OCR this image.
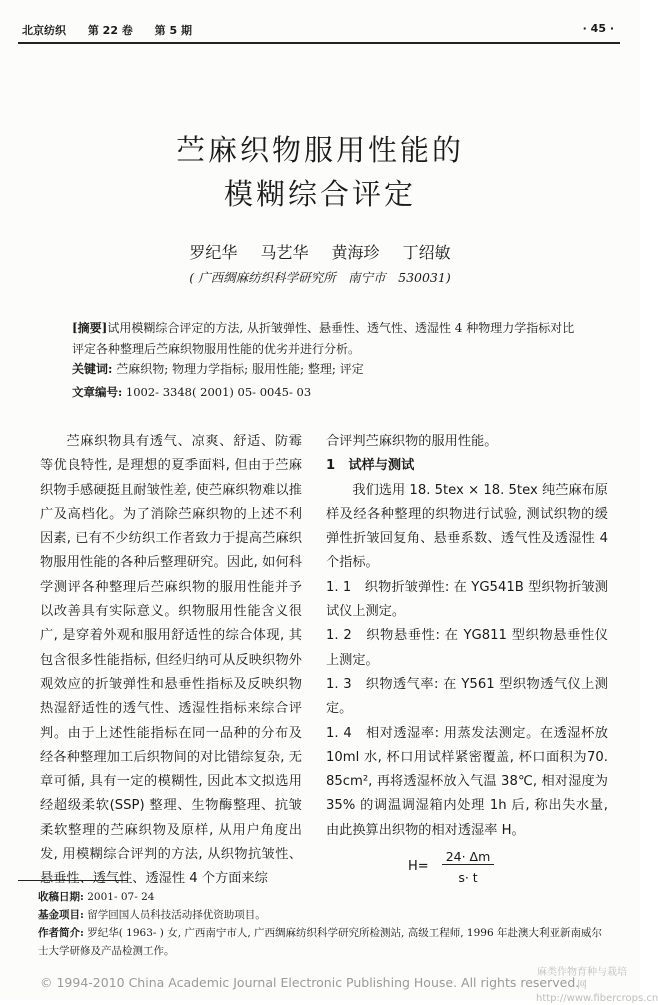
北京纺织 第 22 卷 第 5 期	· 45 ·
苎麻织物服用性能的
模糊综合评定
罗纪华 马艺华 黄海珍 丁绍敏
( 广西绸麻纺织科学研究所　南宁市　530031)
[摘要]试用模糊综合评定的方法, 从折皱弹性、悬垂性、透气性、透湿性 4 种物理力学指标对比评定各种整理后苎麻织物服用性能的优劣并进行分析。
关键词: 苎麻织物; 物理力学指标; 服用性能; 整理; 评定
文章编号: 1002- 3348( 2001) 05- 0045- 03

苎麻织物具有透气、凉爽、舒适、防霉等优良特性, 是理想的夏季面料, 但由于苎麻织物手感硬挺且耐皱性差, 使苎麻织物难以推广及高档化。为了消除苎麻织物的上述不利因素, 已有不少纺织工作者致力于提高苎麻织物服用性能的各种后整理研究。因此, 如何科学测评各种整理后苎麻织物的服用性能并予以改善具有实际意义。织物服用性能含义很广, 是穿着外观和服用舒适性的综合体现, 其包含很多性能指标, 但经归纳可从反映织物外观效应的折皱弹性和悬垂性指标及反映织物热湿舒适性的透气性、透湿性指标来综合评判。由于上述性能指标在同一品种的分布及经各种整理加工后织物间的对比错综复杂, 无章可循, 具有一定的模糊性, 因此本文拟选用经超级柔软(SSP) 整理、生物酶整理、抗皱柔软整理的苎麻织物及原样, 从用户角度出发, 用模糊综合评判的方法, 从织物抗皱性、悬垂性、透气性、透湿性 4 个方面来综

合评判苎麻织物的服用性能。

1　试样与测试

我们选用 18. 5tex × 18. 5tex 纯苎麻布原样及经各种整理的织物进行试验, 测试织物的缓弹性折皱回复角、悬垂系数、透气性及透湿性 4 个指标。

1. 1　织物折皱弹性: 在 YG541B 型织物折皱测试仪上测定。

1. 2　织物悬垂性: 在 YG811 型织物悬垂性仪上测定。

1. 3　织物透气率: 在 Y561 型织物透气仪上测定。

1. 4　相对透湿率: 用蒸发法测定。在透湿杯放10ml 水, 杯口用试样紧密覆盖, 杯口面积为70. 85cm², 再将透湿杯放入气温 38℃, 相对湿度为35% 的调温调湿箱内处理 1h 后, 称出失水量, 由此换算出织物的相对透湿率 H。

H=
24· Δm
s· t

收稿日期: 2001- 07- 24

基金项目: 留学回国人员科技活动择优资助项目。

作者简介: 罗纪华( 1963- ) 女, 广西南宁市人, 广西绸麻纺织科学研究所检测站, 高级工程师, 1996 年赴澳大利亚新南威尔士大学研修及产品检测工作。

© 1994-2010 China Academic Journal Electronic Publishing House. All rights reserved.
麻类作物育种与栽培网
http://www.fibercrops.cn
